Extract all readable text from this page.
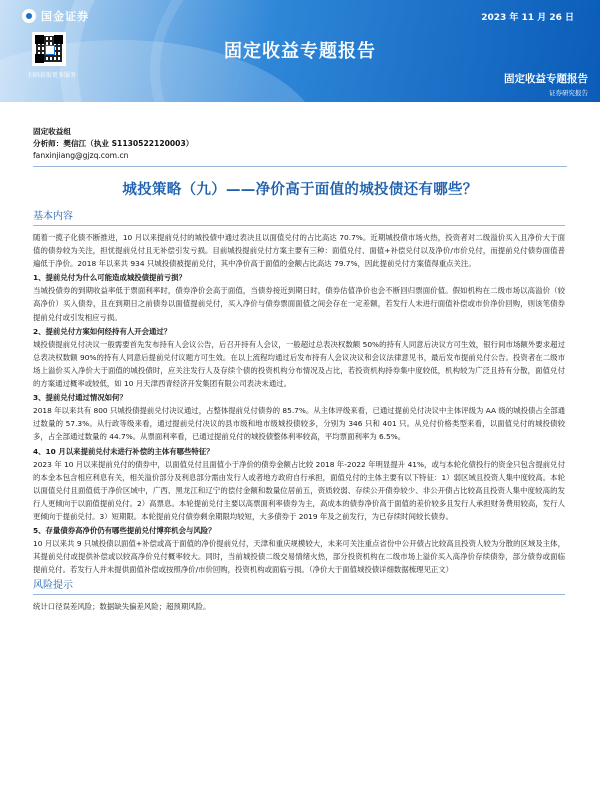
国金证券	2023 年 11 月 26 日
扫码获取更多服务
固定收益专题报告
固定收益专题报告
证券研究报告
固定收益组
分析师：樊信江（执业 S1130522120003）
fanxinjiang@gjzq.com.cn
城投策略（九）——净价高于面值的城投债还有哪些？
基本内容

随着一揽子化债不断推进，10 月以来提前兑付的城投债中通过表决且以面值兑付的占比高达 70.7%。近期城投债市场火热，投资者对二级溢价买入且净价大于面值的债券较为关注，担忧提前兑付且无补偿引发亏损。目前城投提前兑付方案主要有三种：面值兑付、面值+补偿兑付以及净价/市价兑付，而提前兑付债券面值普遍低于净价。2018 年以来共 934 只城投债被提前兑付，其中净价高于面值的金额占比高达 79.7%，因此提前兑付方案值得重点关注。

1、提前兑付为什么可能造成城投债提前亏损？

当城投债券的到期收益率低于票面利率时，债券净价会高于面值，当债券接近到期日时，债券估值净价也会不断回归票面价值。假如机构在二级市场以高溢价（较高净价）买入债券，且在到期日之前债券以面值提前兑付，买入净价与债券票面面值之间会存在一定差额，若发行人未进行面值补偿或市价净价回购，则该笔债券提前兑付或引发相应亏损。

2、提前兑付方案如何经持有人开会通过？

城投债提前兑付决议一般需要首先发布持有人会议公告，后召开持有人会议，一般超过总表决权数额 50%的持有人同意后决议方可生效，银行间市场额外要求超过总表决权数额 90%的持有人同意后提前兑付议题方可生效。在以上流程均通过后发布持有人会议决议和会议法律意见书，最后发布提前兑付公告。投资者在二级市场上溢价买入净价大于面值的城投债时，应关注发行人及存续个债的投资机构分布情况及占比，若投资机构持券集中度较低，机构较为广泛且持有分散，面值兑付的方案通过概率或较低，如 10 月天津西青经济开发集团有限公司表决未通过。

3、提前兑付通过情况如何？

2018 年以来共有 800 只城投债提前兑付决议通过，占整体提前兑付债券的 85.7%。从主体评级来看，已通过提前兑付决议中主体评级为 AA 级的城投债占全部通过数量的 57.3%。从行政等级来看，通过提前兑付决议的县市级和地市级城投债较多，分别为 346 只和 401 只。从兑付价格类型来看，以面值兑付的城投债较多，占全部通过数量的 44.7%。从票面利率看，已通过提前兑付的城投债整体利率较高，平均票面利率为 6.5%。

4、10 月以来提前兑付未进行补偿的主体有哪些特征？

2023 年 10 月以来提前兑付的债券中，以面值兑付且面值小于净价的债券金额占比较 2018 年-2022 年明显提升 41%，或与本轮化债投行的资金只包含提前兑付的本金本包含相应利息有关，相关溢价部分及利息部分需由发行人或者地方政府自行承担，面值兑付的主体主要有以下特征：1）弱区域且投资人集中度较高。本轮以面值兑付且面值低于净价区域中，广西、黑龙江和辽宁的偿付金额和数量位居前五，资质较弱、存续公开债券较少、非公开债占比较高且投资人集中度较高的发行人更倾向于以面值提前兑付。2）高票息。本轮提前兑付主要以高票面利率债券为主，高成本的债券净价高于面值的差价较多且发行人承担财务费用较高，发行人更倾向于提前兑付。3）短期限。本轮提前兑付债券剩余期限均较短，大多债券于 2019 年及之前发行，为已存续时间较长债券。

5、存量债券高净价仍有哪些提前兑付博弈机会与风险？

10 月以来共 9 只城投债以面值+补偿或高于面值的净价提前兑付，天津和重庆规模较大，未来可关注重点省份中公开债占比较高且投资人较为分散的区域及主体，其提前兑付或提供补偿或以较高净价兑付概率较大。同时，当前城投债二级交易情绪火热，部分投资机构在二级市场上溢价买入高净价存续债券，部分债券或面临提前兑付。若发行人并未提供面值补偿或按照净价/市价回购，投资机构或面临亏损。（净价大于面值城投债详细数据梳理见正文）

风险提示

统计口径误差风险；数据缺失偏差风险；超预期风险。
